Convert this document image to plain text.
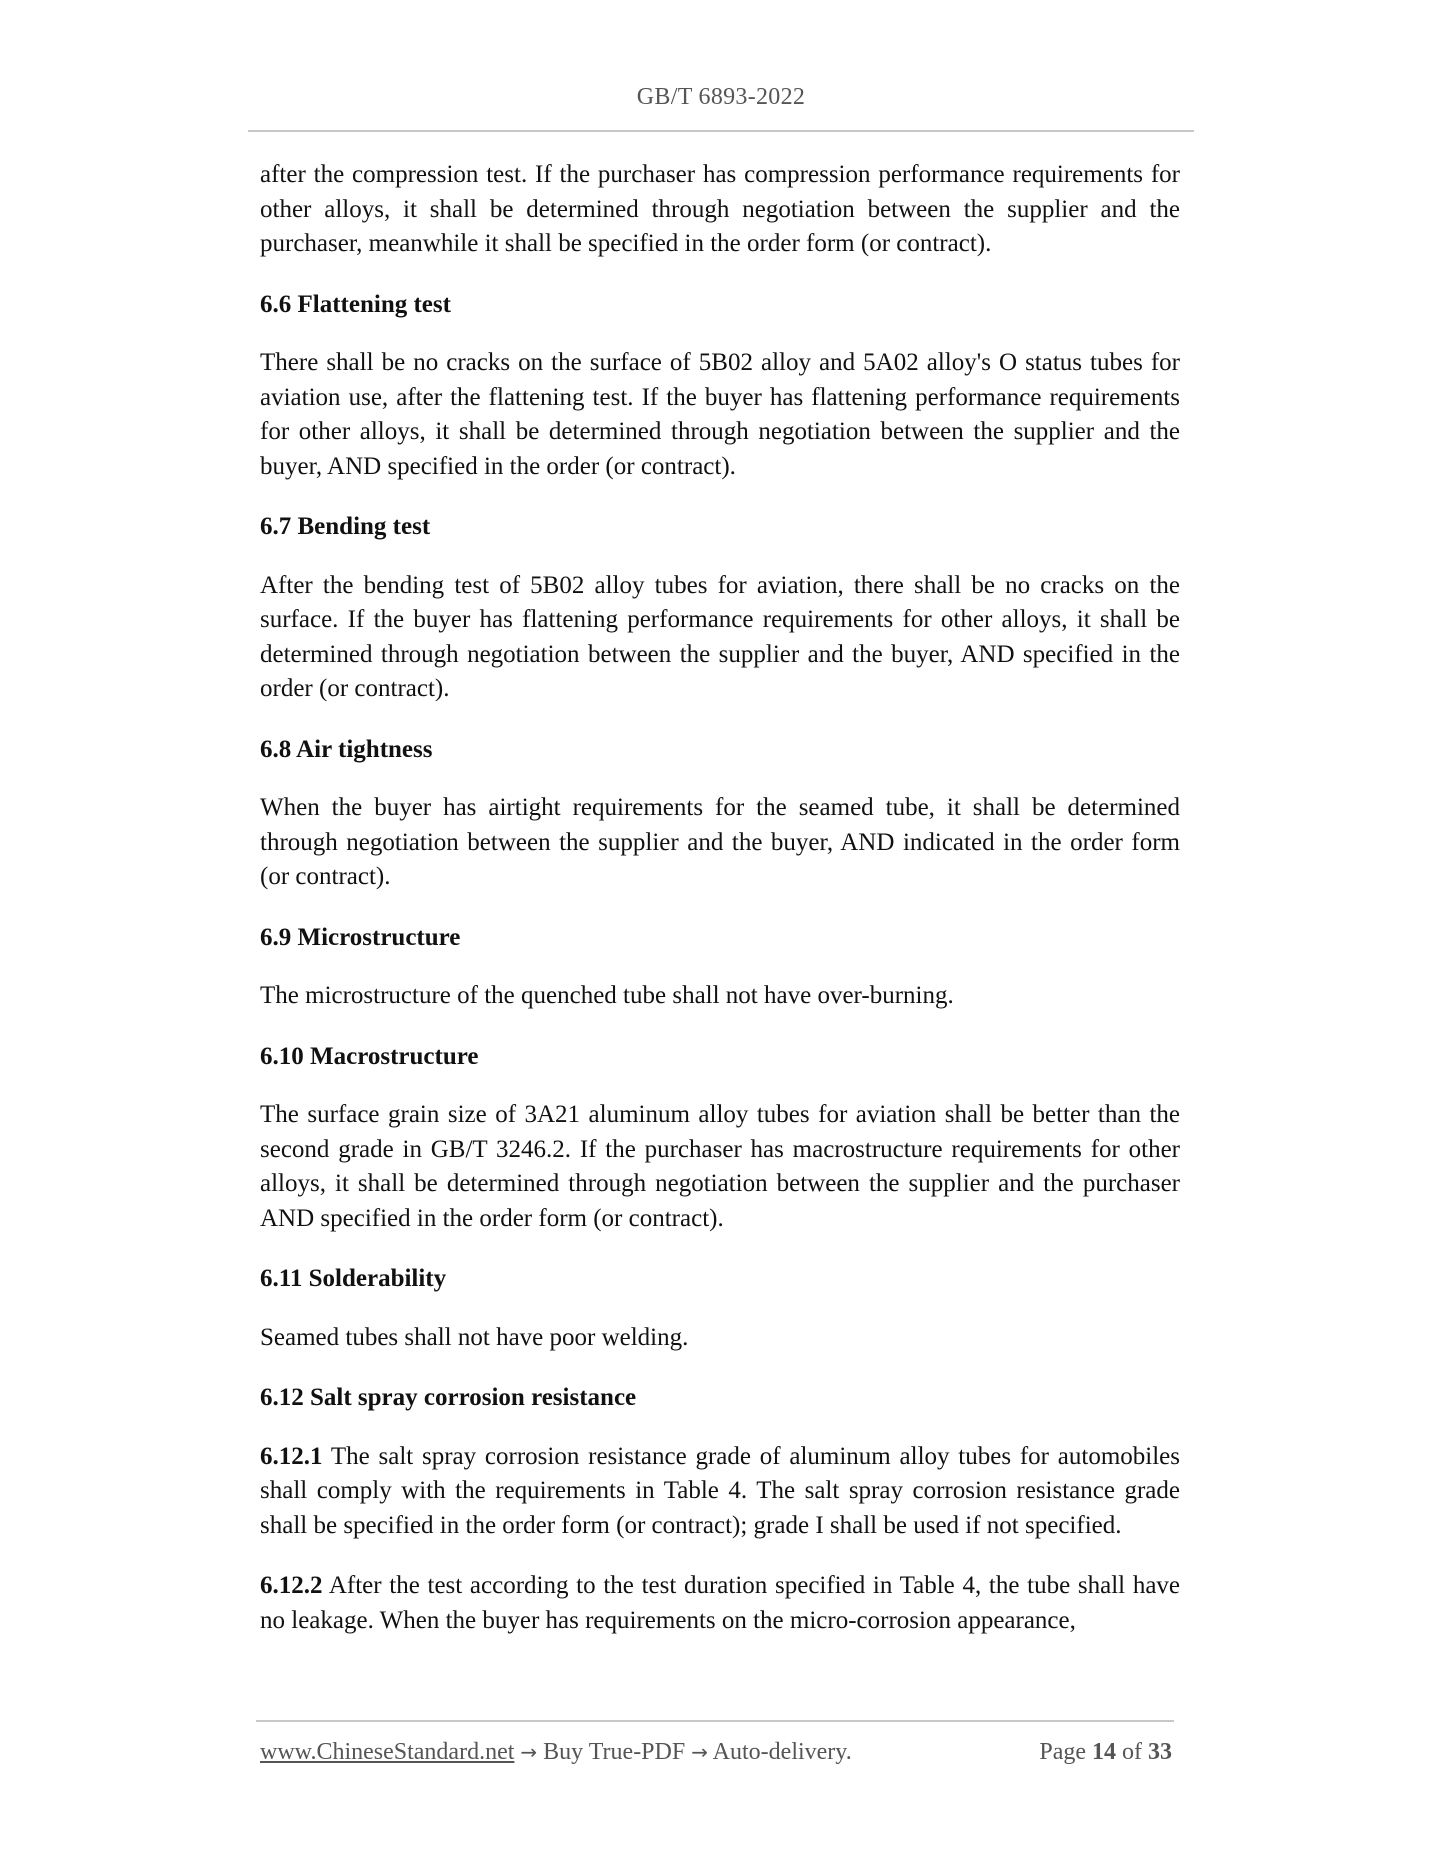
GB/T 6893-2022

after the compression test. If the purchaser has compression performance requirements for other alloys, it shall be determined through negotiation between the supplier and the purchaser, meanwhile it shall be specified in the order form (or contract).

6.6 Flattening test

There shall be no cracks on the surface of 5B02 alloy and 5A02 alloy's O status tubes for aviation use, after the flattening test. If the buyer has flattening performance requirements for other alloys, it shall be determined through negotiation between the supplier and the buyer, AND specified in the order (or contract).

6.7 Bending test

After the bending test of 5B02 alloy tubes for aviation, there shall be no cracks on the surface. If the buyer has flattening performance requirements for other alloys, it shall be determined through negotiation between the supplier and the buyer, AND specified in the order (or contract).

6.8 Air tightness

When the buyer has airtight requirements for the seamed tube, it shall be determined through negotiation between the supplier and the buyer, AND indicated in the order form (or contract).

6.9 Microstructure

The microstructure of the quenched tube shall not have over-burning.

6.10 Macrostructure

The surface grain size of 3A21 aluminum alloy tubes for aviation shall be better than the second grade in GB/T 3246.2. If the purchaser has macrostructure requirements for other alloys, it shall be determined through negotiation between the supplier and the purchaser AND specified in the order form (or contract).

6.11 Solderability

Seamed tubes shall not have poor welding.

6.12 Salt spray corrosion resistance

6.12.1 The salt spray corrosion resistance grade of aluminum alloy tubes for automobiles shall comply with the requirements in Table 4. The salt spray corrosion resistance grade shall be specified in the order form (or contract); grade I shall be used if not specified.

6.12.2 After the test according to the test duration specified in Table 4, the tube shall have no leakage. When the buyer has requirements on the micro-corrosion appearance,

www.ChineseStandard.net → Buy True-PDF → Auto-delivery.	Page 14 of 33
